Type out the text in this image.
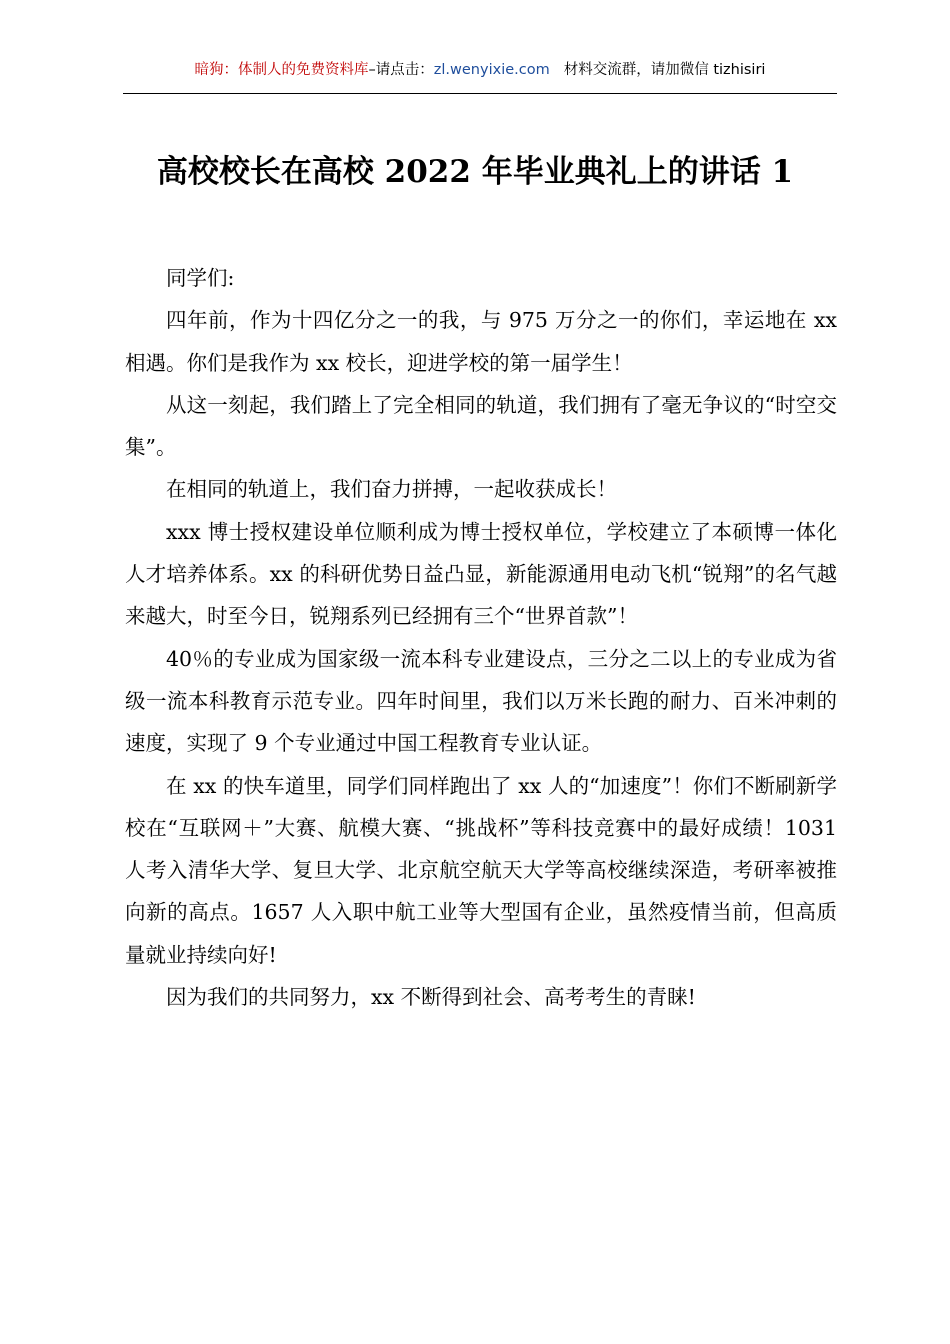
暗狗：体制人的免费资料库–请点击：zl.wenyixie.com 材料交流群，请加微信 tizhisiri
高校校长在高校 2022 年毕业典礼上的讲话 1

同学们:

四年前，作为十四亿分之一的我，与 975 万分之一的你们，幸运地在 xx 相遇。你们是我作为 xx 校长，迎进学校的第一届学生！

从这一刻起，我们踏上了完全相同的轨道，我们拥有了毫无争议的“时空交集”。

在相同的轨道上，我们奋力拼搏，一起收获成长！

xxx 博士授权建设单位顺利成为博士授权单位，学校建立了本硕博一体化人才培养体系。xx 的科研优势日益凸显，新能源通用电动飞机“锐翔”的名气越来越大，时至今日，锐翔系列已经拥有三个“世界首款”！

40％的专业成为国家级一流本科专业建设点，三分之二以上的专业成为省级一流本科教育示范专业。四年时间里，我们以万米长跑的耐力、百米冲刺的速度，实现了 9 个专业通过中国工程教育专业认证。

在 xx 的快车道里，同学们同样跑出了 xx 人的“加速度”！你们不断刷新学校在“互联网＋”大赛、航模大赛、“挑战杯”等科技竞赛中的最好成绩！1031 人考入清华大学、复旦大学、北京航空航天大学等高校继续深造，考研率被推向新的高点。1657 人入职中航工业等大型国有企业，虽然疫情当前，但高质量就业持续向好!

因为我们的共同努力，xx 不断得到社会、高考考生的青睐!
